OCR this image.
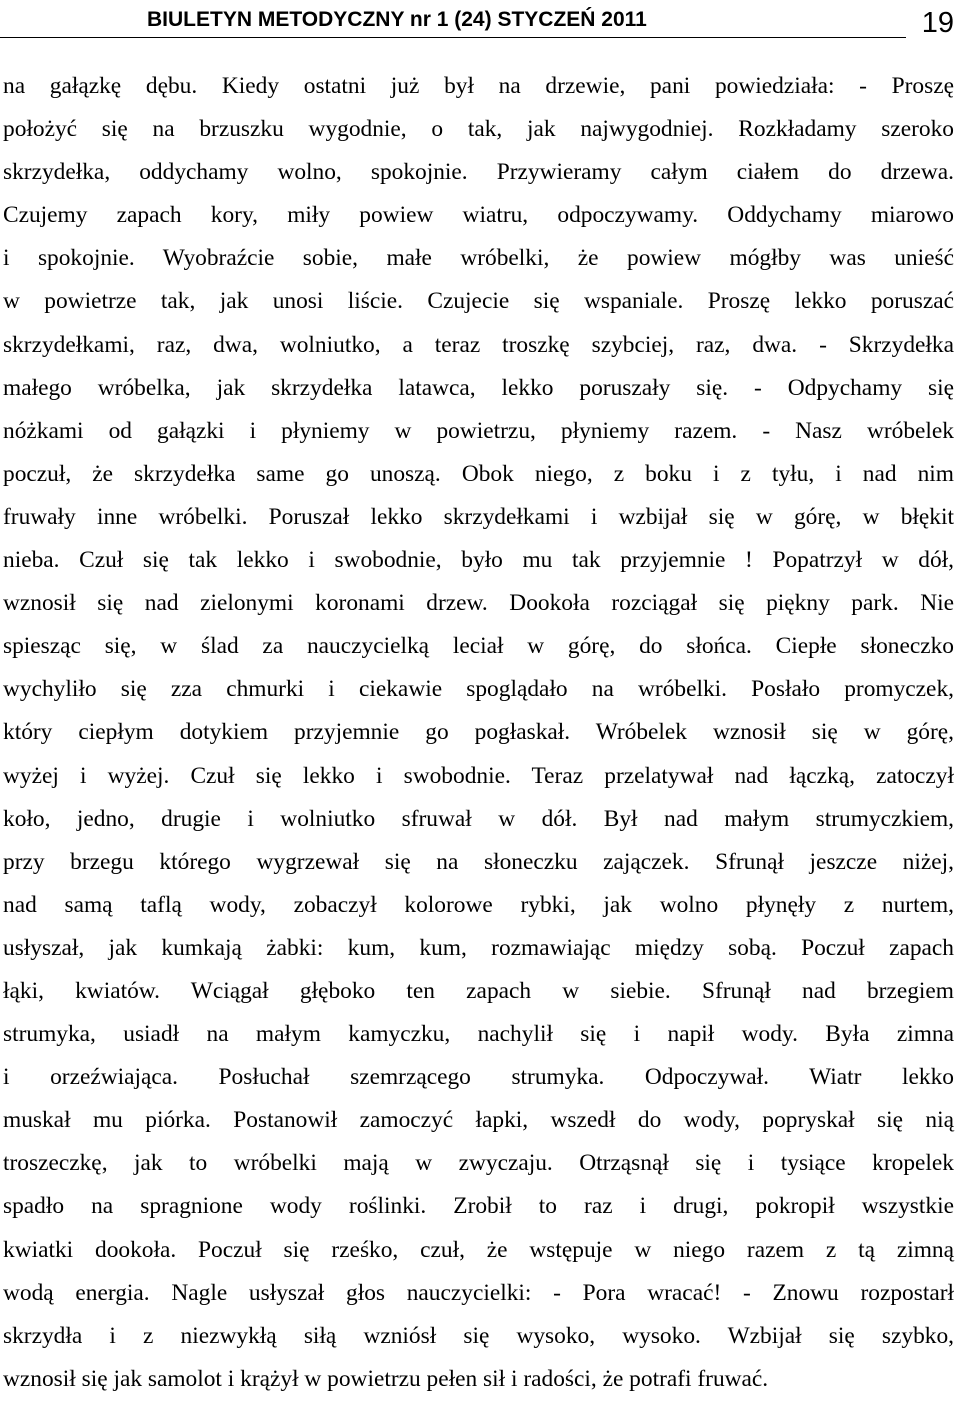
BIULETYN METODYCZNY nr 1 (24) STYCZEŃ 2011	19
na gałązkę dębu. Kiedy ostatni już był na drzewie, pani powiedziała: - Proszę
położyć się na brzuszku wygodnie, o tak, jak najwygodniej. Rozkładamy szeroko
skrzydełka, oddychamy wolno, spokojnie. Przywieramy całym ciałem do drzewa.
Czujemy zapach kory, miły powiew wiatru, odpoczywamy. Oddychamy miarowo
i spokojnie. Wyobraźcie sobie, małe wróbelki, że powiew mógłby was unieść
w powietrze tak, jak unosi liście. Czujecie się wspaniale. Proszę lekko poruszać
skrzydełkami, raz, dwa, wolniutko, a teraz troszkę szybciej, raz, dwa. - Skrzydełka
małego wróbelka, jak skrzydełka latawca, lekko poruszały się. - Odpychamy się
nóżkami od gałązki i płyniemy w powietrzu, płyniemy razem. - Nasz wróbelek
poczuł, że skrzydełka same go unoszą. Obok niego, z boku i z tyłu, i nad nim
fruwały inne wróbelki. Poruszał lekko skrzydełkami i wzbijał się w górę, w błękit
nieba. Czuł się tak lekko i swobodnie, było mu tak przyjemnie ! Popatrzył w dół,
wznosił się nad zielonymi koronami drzew. Dookoła rozciągał się piękny park. Nie
spiesząc się, w ślad za nauczycielką leciał w górę, do słońca. Ciepłe słoneczko
wychyliło się zza chmurki i ciekawie spoglądało na wróbelki. Posłało promyczek,
który ciepłym dotykiem przyjemnie go pogłaskał. Wróbelek wznosił się w górę,
wyżej i wyżej. Czuł się lekko i swobodnie. Teraz przelatywał nad łączką, zatoczył
koło, jedno, drugie i wolniutko sfruwał w dół. Był nad małym strumyczkiem,
przy brzegu którego wygrzewał się na słoneczku zajączek. Sfrunął jeszcze niżej,
nad samą taflą wody, zobaczył kolorowe rybki, jak wolno płynęły z nurtem,
usłyszał, jak kumkają żabki: kum, kum, rozmawiając między sobą. Poczuł zapach
łąki, kwiatów. Wciągał głęboko ten zapach w siebie. Sfrunął nad brzegiem
strumyka, usiadł na małym kamyczku, nachylił się i napił wody. Była zimna
i orzeźwiająca. Posłuchał szemrzącego strumyka. Odpoczywał. Wiatr lekko
muskał mu piórka. Postanowił zamoczyć łapki, wszedł do wody, popryskał się nią
troszeczkę, jak to wróbelki mają w zwyczaju. Otrząsnął się i tysiące kropelek
spadło na spragnione wody roślinki. Zrobił to raz i drugi, pokropił wszystkie
kwiatki dookoła. Poczuł się rześko, czuł, że wstępuje w niego razem z tą zimną
wodą energia. Nagle usłyszał głos nauczycielki: - Pora wracać! - Znowu rozpostarł
skrzydła i z niezwykłą siłą wzniósł się wysoko, wysoko. Wzbijał się szybko,
wznosił się jak samolot i krążył w powietrzu pełen sił i radości, że potrafi fruwać.
